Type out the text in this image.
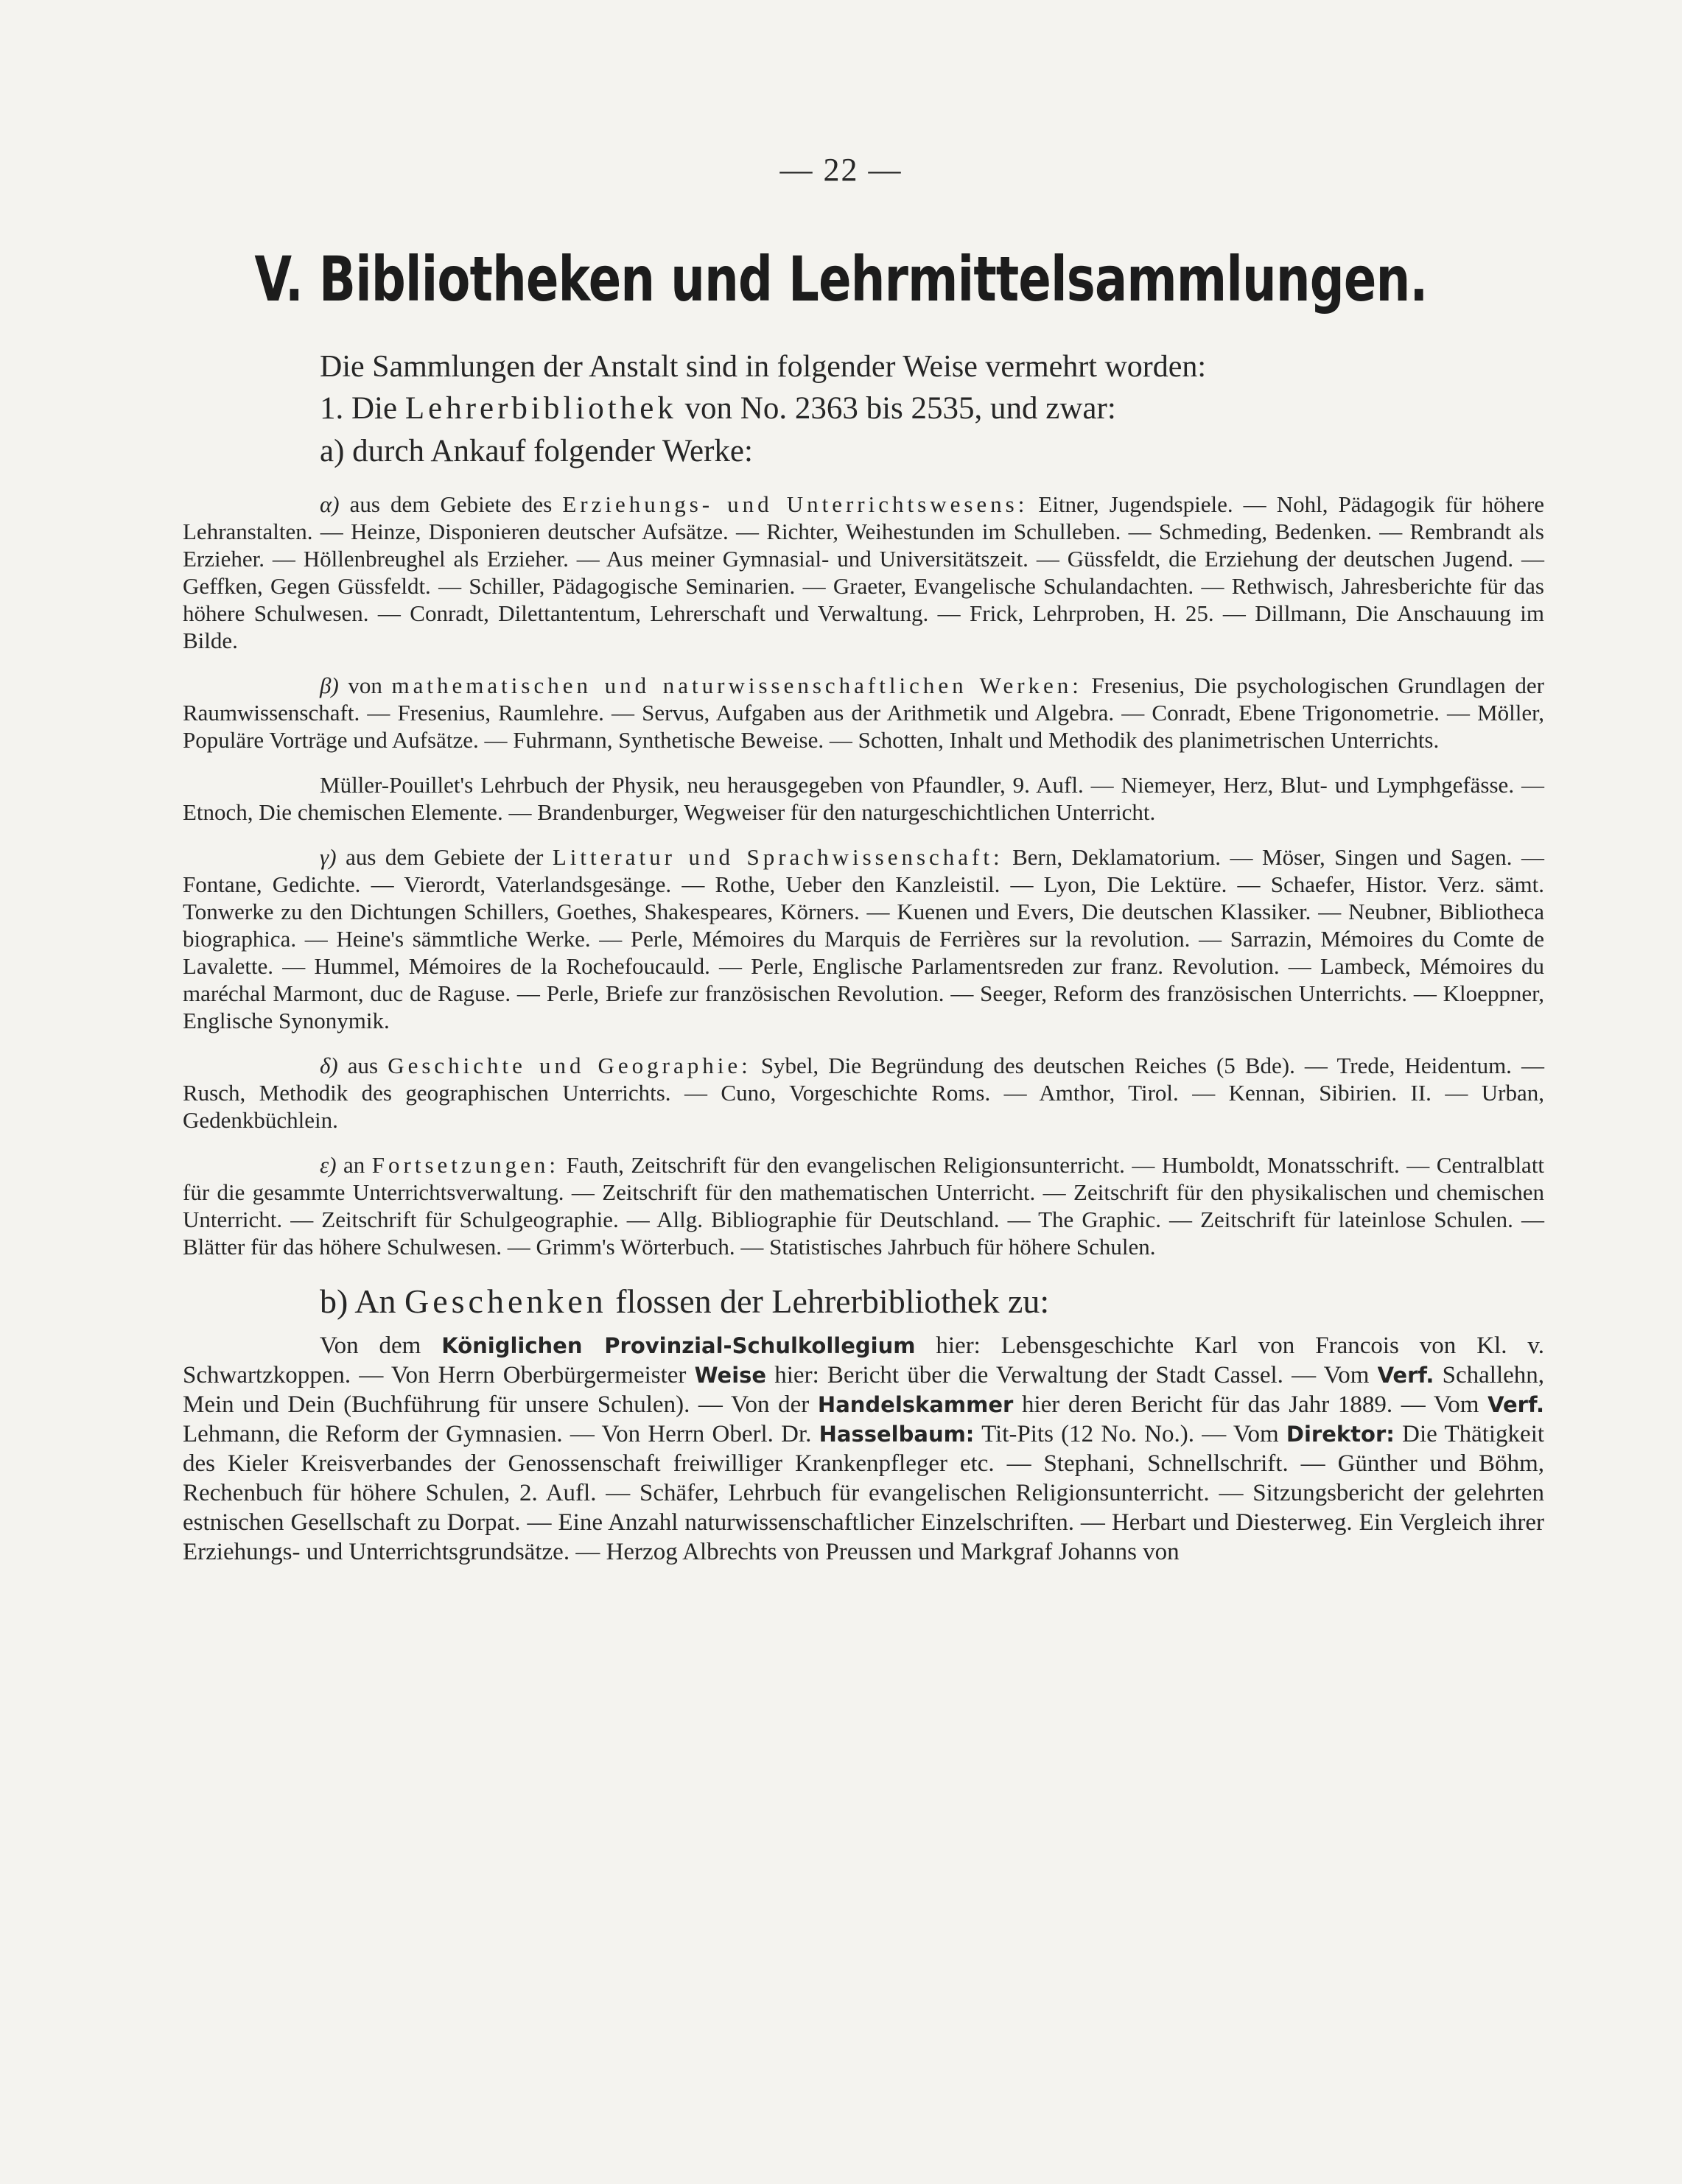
— 22 —
V. Bibliotheken und Lehrmittelsammlungen.

Die Sammlungen der Anstalt sind in folgender Weise vermehrt worden:

1. Die Lehrerbibliothek von No. 2363 bis 2535, und zwar:

a) durch Ankauf folgender Werke:

α) aus dem Gebiete des Erziehungs- und Unterrichtswesens: Eitner, Jugendspiele. — Nohl, Pädagogik für höhere Lehranstalten. — Heinze, Disponieren deutscher Aufsätze. — Richter, Weihestunden im Schulleben. — Schmeding, Bedenken. — Rembrandt als Erzieher. — Höllenbreughel als Erzieher. — Aus meiner Gymnasial- und Universitätszeit. — Güssfeldt, die Erziehung der deutschen Jugend. — Geffken, Gegen Güssfeldt. — Schiller, Pädagogische Seminarien. — Graeter, Evangelische Schulandachten. — Rethwisch, Jahresberichte für das höhere Schulwesen. — Conradt, Dilettantentum, Lehrerschaft und Verwaltung. — Frick, Lehrproben, H. 25. — Dillmann, Die Anschauung im Bilde.

β) von mathematischen und naturwissenschaftlichen Werken: Fresenius, Die psychologischen Grundlagen der Raumwissenschaft. — Fresenius, Raumlehre. — Servus, Aufgaben aus der Arithmetik und Algebra. — Conradt, Ebene Trigonometrie. — Möller, Populäre Vorträge und Aufsätze. — Fuhrmann, Synthetische Beweise. — Schotten, Inhalt und Methodik des planimetrischen Unterrichts.

Müller-Pouillet's Lehrbuch der Physik, neu herausgegeben von Pfaundler, 9. Aufl. — Niemeyer, Herz, Blut- und Lymphgefässe. — Etnoch, Die chemischen Elemente. — Brandenburger, Wegweiser für den naturgeschichtlichen Unterricht.

γ) aus dem Gebiete der Litteratur und Sprachwissenschaft: Bern, Deklamatorium. — Möser, Singen und Sagen. — Fontane, Gedichte. — Vierordt, Vaterlandsgesänge. — Rothe, Ueber den Kanzleistil. — Lyon, Die Lektüre. — Schaefer, Histor. Verz. sämt. Tonwerke zu den Dichtungen Schillers, Goethes, Shakespeares, Körners. — Kuenen und Evers, Die deutschen Klassiker. — Neubner, Bibliotheca biographica. — Heine's sämmtliche Werke. — Perle, Mémoires du Marquis de Ferrières sur la revolution. — Sarrazin, Mémoires du Comte de Lavalette. — Hummel, Mémoires de la Rochefoucauld. — Perle, Englische Parlamentsreden zur franz. Revolution. — Lambeck, Mémoires du maréchal Marmont, duc de Raguse. — Perle, Briefe zur französischen Revolution. — Seeger, Reform des französischen Unterrichts. — Kloeppner, Englische Synonymik.

δ) aus Geschichte und Geographie: Sybel, Die Begründung des deutschen Reiches (5 Bde). — Trede, Heidentum. — Rusch, Methodik des geographischen Unterrichts. — Cuno, Vorgeschichte Roms. — Amthor, Tirol. — Kennan, Sibirien. II. — Urban, Gedenkbüchlein.

ε) an Fortsetzungen: Fauth, Zeitschrift für den evangelischen Religionsunterricht. — Humboldt, Monatsschrift. — Centralblatt für die gesammte Unterrichtsverwaltung. — Zeitschrift für den mathematischen Unterricht. — Zeitschrift für den physikalischen und chemischen Unterricht. — Zeitschrift für Schulgeographie. — Allg. Bibliographie für Deutschland. — The Graphic. — Zeitschrift für lateinlose Schulen. — Blätter für das höhere Schulwesen. — Grimm's Wörterbuch. — Statistisches Jahrbuch für höhere Schulen.

b) An Geschenken flossen der Lehrerbibliothek zu:

Von dem Königlichen Provinzial-Schulkollegium hier: Lebensgeschichte Karl von Francois von Kl. v. Schwartzkoppen. — Von Herrn Oberbürgermeister Weise hier: Bericht über die Verwaltung der Stadt Cassel. — Vom Verf. Schallehn, Mein und Dein (Buchführung für unsere Schulen). — Von der Handelskammer hier deren Bericht für das Jahr 1889. — Vom Verf. Lehmann, die Reform der Gymnasien. — Von Herrn Oberl. Dr. Hasselbaum: Tit-Pits (12 No. No.). — Vom Direktor: Die Thätigkeit des Kieler Kreisverbandes der Genossenschaft freiwilliger Krankenpfleger etc. — Stephani, Schnellschrift. — Günther und Böhm, Rechenbuch für höhere Schulen, 2. Aufl. — Schäfer, Lehrbuch für evangelischen Religionsunterricht. — Sitzungsbericht der gelehrten estnischen Gesellschaft zu Dorpat. — Eine Anzahl naturwissenschaftlicher Einzelschriften. — Herbart und Diesterweg. Ein Vergleich ihrer Erziehungs- und Unterrichtsgrundsätze. — Herzog Albrechts von Preussen und Markgraf Johanns von
